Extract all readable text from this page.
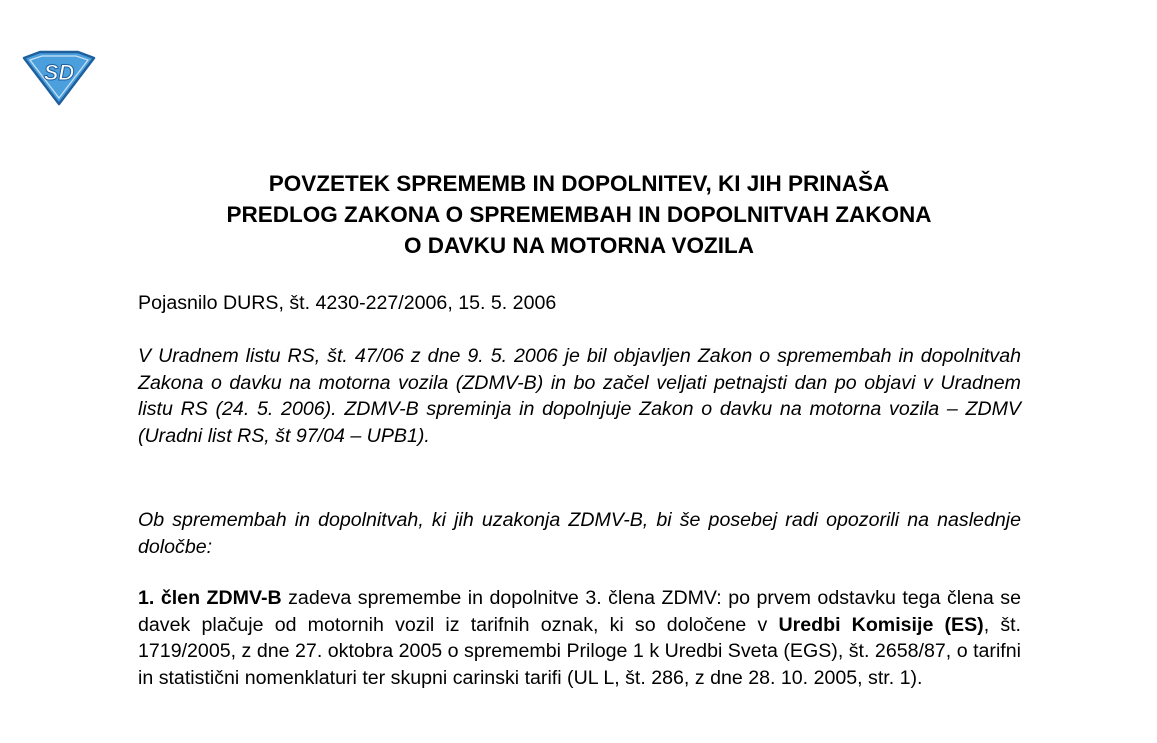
SD
POVZETEK SPREMEMB IN DOPOLNITEV, KI JIH PRINAŠA
PREDLOG ZAKONA O SPREMEMBAH IN DOPOLNITVAH ZAKONA
O DAVKU NA MOTORNA VOZILA
Pojasnilo DURS, št. 4230-227/2006, 15. 5. 2006

V Uradnem listu RS, št. 47/06 z dne 9. 5. 2006 je bil objavljen Zakon o spremembah in dopolnitvah Zakona o davku na motorna vozila (ZDMV-B) in bo začel veljati petnajsti dan po objavi v Uradnem listu RS (24. 5. 2006). ZDMV-B spreminja in dopolnjuje Zakon o davku na motorna vozila – ZDMV (Uradni list RS, št 97/04 – UPB1).

Ob spremembah in dopolnitvah, ki jih uzakonja ZDMV-B, bi še posebej radi opozorili na naslednje določbe:

1. člen ZDMV-B zadeva spremembe in dopolnitve 3. člena ZDMV: po prvem odstavku tega člena se davek plačuje od motornih vozil iz tarifnih oznak, ki so določene v Uredbi Komisije (ES), št. 1719/2005, z dne 27. oktobra 2005 o spremembi Priloge 1 k Uredbi Sveta (EGS), št. 2658/87, o tarifni in statistični nomenklaturi ter skupni carinski tarifi (UL L, št. 286, z dne 28. 10. 2005, str. 1).
